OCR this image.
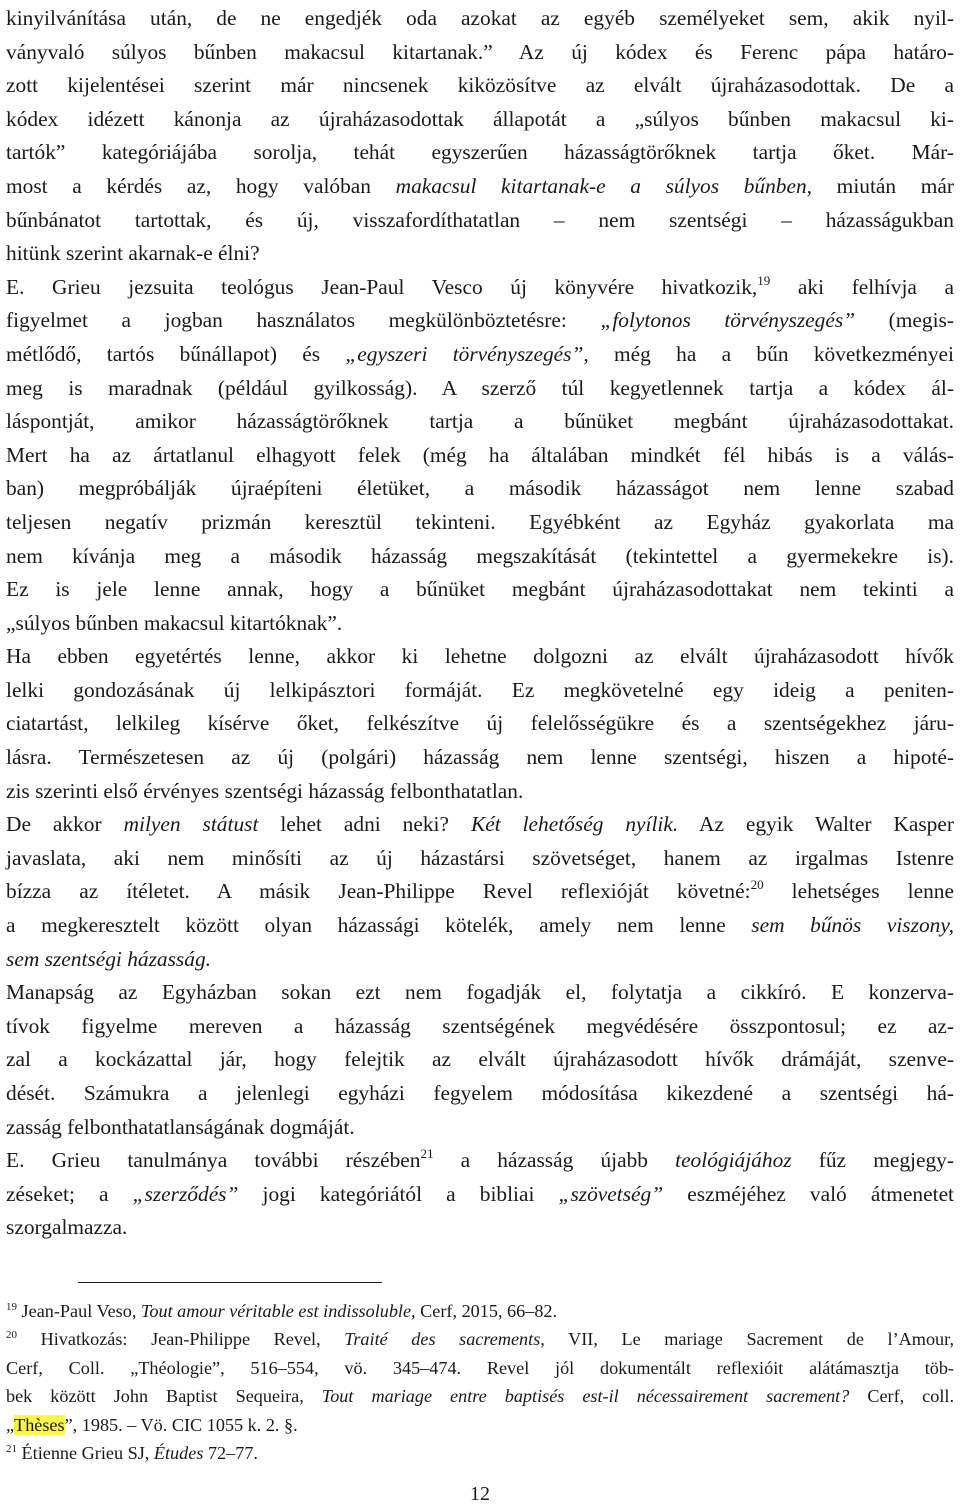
kinyilvánítása után, de ne engedjék oda azokat az egyéb személyeket sem, akik nyil-
ványvaló súlyos bűnben makacsul kitartanak.” Az új kódex és Ferenc pápa határo-
zott kijelentései szerint már nincsenek kiközösítve az elvált újraházasodottak. De a
kódex idézett kánonja az újraházasodottak állapotát a „súlyos bűnben makacsul ki-
tartók” kategóriájába sorolja, tehát egyszerűen házasságtörőknek tartja őket. Már-
most a kérdés az, hogy valóban makacsul kitartanak-e a súlyos bűnben, miután már
bűnbánatot tartottak, és új, visszafordíthatatlan – nem szentségi – házasságukban
hitünk szerint akarnak-e élni?
E. Grieu jezsuita teológus Jean-Paul Vesco új könyvére hivatkozik,$^{19}$ aki felhívja a
figyelmet a jogban használatos megkülönböztetésre: „folytonos törvényszegés” (megis-
métlődő, tartós bűnállapot) és „egyszeri törvényszegés”, még ha a bűn következményei
meg is maradnak (például gyilkosság). A szerző túl kegyetlennek tartja a kódex ál-
láspontját, amikor házasságtörőknek tartja a bűnüket megbánt újraházasodottakat.
Mert ha az ártatlanul elhagyott felek (még ha általában mindkét fél hibás is a válás-
ban) megpróbálják újraépíteni életüket, a második házasságot nem lenne szabad
teljesen negatív prizmán keresztül tekinteni. Egyébként az Egyház gyakorlata ma
nem kívánja meg a második házasság megszakítását (tekintettel a gyermekekre is).
Ez is jele lenne annak, hogy a bűnüket megbánt újraházasodottakat nem tekinti a
„súlyos bűnben makacsul kitartóknak”.
Ha ebben egyetértés lenne, akkor ki lehetne dolgozni az elvált újraházasodott hívők
lelki gondozásának új lelkipásztori formáját. Ez megkövetelné egy ideig a peniten-
ciatartást, lelkileg kísérve őket, felkészítve új felelősségükre és a szentségekhez járu-
lásra. Természetesen az új (polgári) házasság nem lenne szentségi, hiszen a hipoté-
zis szerinti első érvényes szentségi házasság felbonthatatlan.
De akkor milyen státust lehet adni neki? Két lehetőség nyílik. Az egyik Walter Kasper
javaslata, aki nem minősíti az új házastársi szövetséget, hanem az irgalmas Istenre
bízza az ítéletet. A másik Jean-Philippe Revel reflexióját követné:$^{20}$ lehetséges lenne
a megkeresztelt között olyan házassági kötelék, amely nem lenne sem bűnös viszony,
sem szentségi házasság.
Manapság az Egyházban sokan ezt nem fogadják el, folytatja a cikkíró. E konzerva-
tívok figyelme mereven a házasság szentségének megvédésére összpontosul; ez az-
zal a kockázattal jár, hogy felejtik az elvált újraházasodott hívők drámáját, szenve-
dését. Számukra a jelenlegi egyházi fegyelem módosítása kikezdené a szentségi há-
zasság felbonthatatlanságának dogmáját.
E. Grieu tanulmánya további részében$^{21}$ a házasság újabb teológiájához fűz megjegy-
zéseket; a „szerződés” jogi kategóriától a bibliai „szövetség” eszméjéhez való átmenetet
szorgalmazza.
$^{19}$ Jean-Paul Veso, Tout amour véritable est indissoluble, Cerf, 2015, 66–82.
$^{20}$ Hivatkozás: Jean-Philippe Revel, Traité des sacrements, VII, Le mariage Sacrement de l’Amour,
Cerf, Coll. „Théologie”, 516–554, vö. 345–474. Revel jól dokumentált reflexióit alátámasztja töb-
bek között John Baptist Sequeira, Tout mariage entre baptisés est-il nécessairement sacrement? Cerf, coll.
„Thèses”, 1985. – Vö. CIC 1055 k. 2. §.
$^{21}$ Étienne Grieu SJ, Études 72–77.
12
